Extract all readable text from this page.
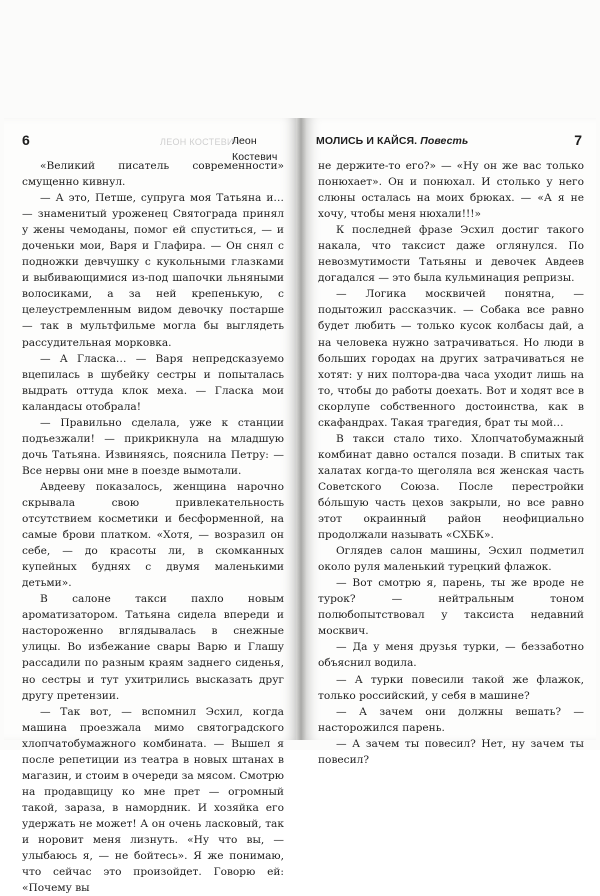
6	ЛЕОН КОСТЕВИЧ
Леон Костевич

«Великий писатель современности» смущенно кивнул.

— А это, Петше, супруга моя Татьяна и… — знаменитый уроженец Святограда принял у жены чемоданы, помог ей спуститься, — и доченьки мои, Варя и Глафира. — Он снял с подножки девчушку с кукольными глазками и выбивающимися из-под шапочки льняными волосиками, а за ней крепенькую, с целеустремленным видом девочку постарше — так в мультфильме могла бы выглядеть рассудительная морковка.

— А Гласка… — Варя непредсказуемо вцепилась в шубейку сестры и попыталась выдрать оттуда клок меха. — Гласка мои каландасы отобрала!

— Правильно сделала, уже к станции подъезжали! — прикрикнула на младшую дочь Татьяна. Извиняясь, пояснила Петру: — Все нервы они мне в поезде вымотали.

Авдееву показалось, женщина нарочно скрывала свою привлекательность отсутствием косметики и бесформенной, на самые брови платком. «Хотя, — возразил он себе, — до красоты ли, в скомканных купейных буднях с двумя маленькими детьми».

В салоне такси пахло новым ароматизатором. Татьяна сидела впереди и настороженно вглядывалась в снежные улицы. Во избежание свары Варю и Глашу рассадили по разным краям заднего сиденья, но сестры и тут ухитрились высказать друг другу претензии.

— Так вот, — вспомнил Эсхил, когда машина проезжала мимо святоградского хлопчатобумажного комбината. — Вышел я после репетиции из театра в новых штанах в магазин, и стоим в очереди за мясом. Смотрю на продавщицу ко мне прет — огромный такой, зараза, в намордник. И хозяйка его удержать не может! А он очень ласковый, так и норовит меня лизнуть. «Ну что вы, — улыбаюсь я, — не бойтесь». Я же понимаю, что сейчас это произойдет. Говорю ей: «Почему вы

МОЛИСЬ И КАЙСЯ. Повесть	7

не держите-то его?» — «Ну он же вас только понюхает». Он и понюхал. И столько у него слюны осталась на моих брюках. — «А я не хочу, чтобы меня нюхали!!!»

К последней фразе Эсхил достиг такого накала, что таксист даже оглянулся. По невозмутимости Татьяны и девочек Авдеев догадался — это была кульминация репризы.

— Логика москвичей понятна, — подытожил рассказчик. — Собака все равно будет любить — только кусок колбасы дай, а на человека нужно затрачиваться. Но люди в больших городах на других затрачиваться не хотят: у них полтора-два часа уходит лишь на то, чтобы до работы доехать. Вот и ходят все в скорлупе собственного достоинства, как в скафандрах. Такая трагедия, брат ты мой…

В такси стало тихо. Хлопчатобумажный комбинат давно остался позади. В спитых так халатах когда-то щеголяла вся женская часть Советского Союза. После перестройки бо́льшую часть цехов закрыли, но все равно этот окраинный район неофициально продолжали называть «СХБК».

Оглядев салон машины, Эсхил подметил около руля маленький турецкий флажок.

— Вот смотрю я, парень, ты же вроде не турок? — нейтральным тоном полюбопытствовал у таксиста недавний москвич.

— Да у меня друзья турки, — беззаботно объяснил водила.

— А турки повесили такой же флажок, только российский, у себя в машине?

— А зачем они должны вешать? — насторожился парень.

— А зачем ты повесил? Нет, ну зачем ты повесил?
